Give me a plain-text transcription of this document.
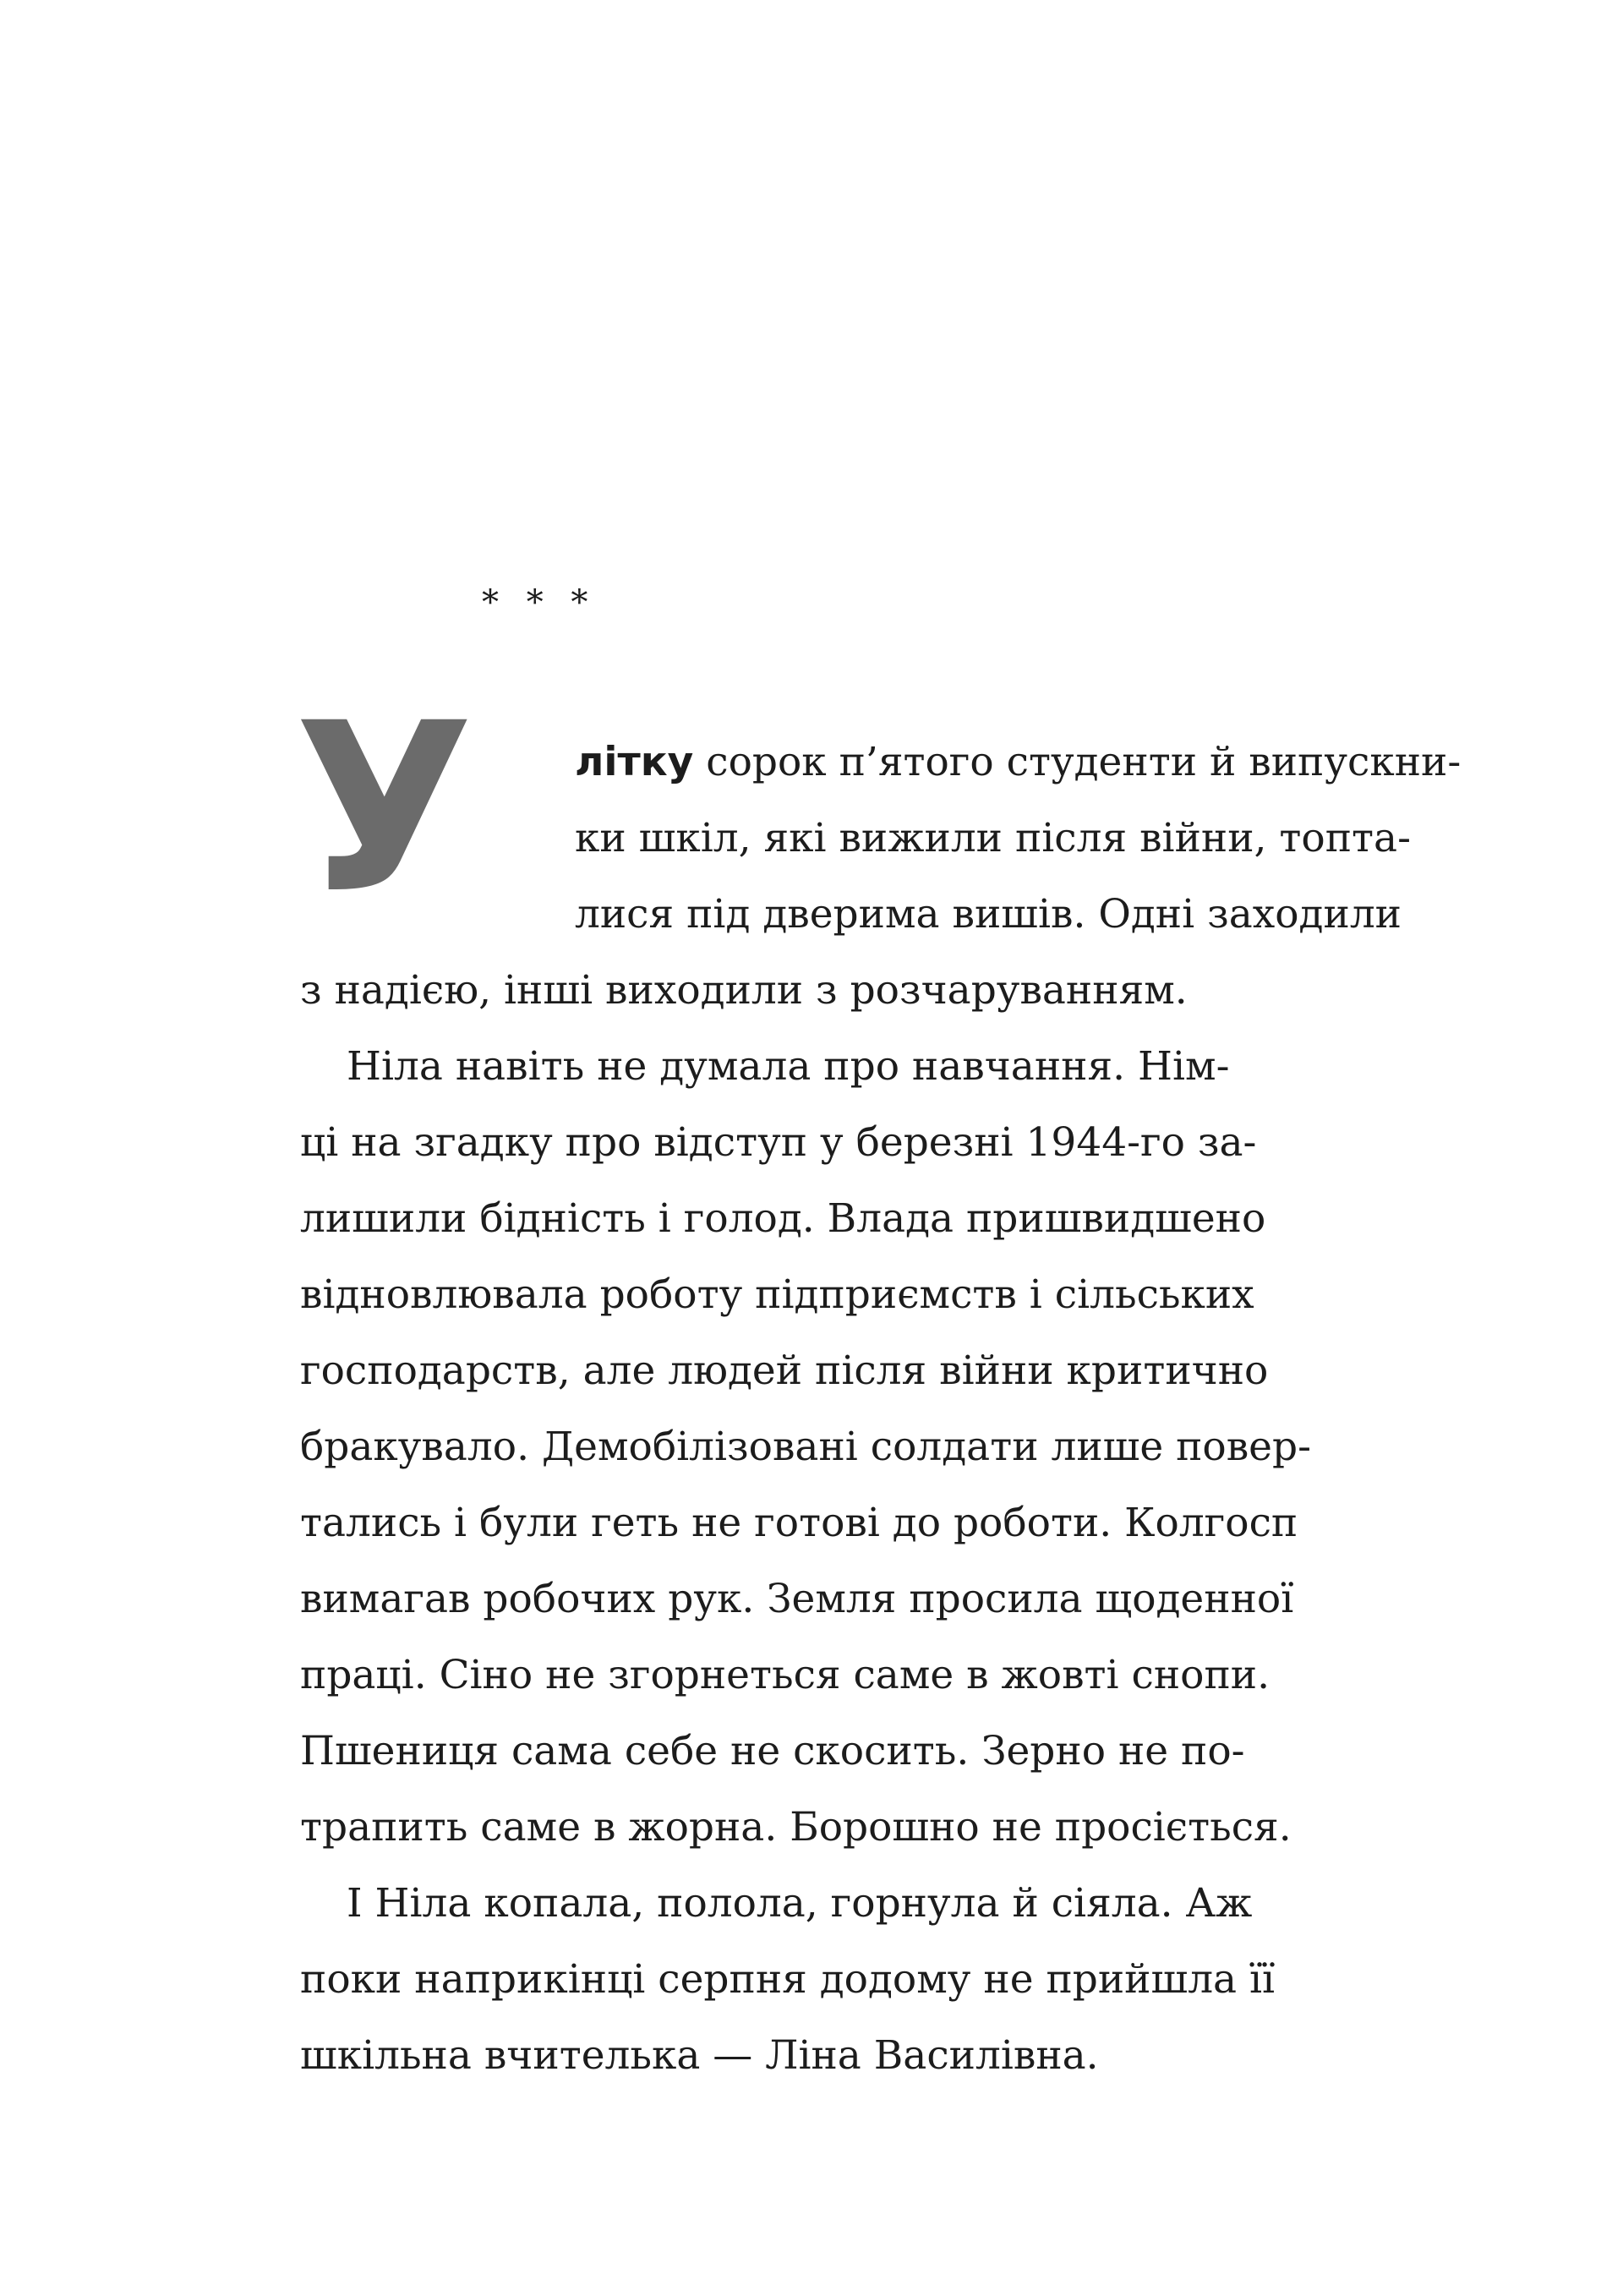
* * *
У	літку сорок п’ятого студенти й випускни-
ки шкіл, які вижили після війни, топта-
лися під дверима вишів. Одні заходили
з надією, інші виходили з розчаруванням.
Ніла навіть не думала про навчання. Нім-
ці на згадку про відступ у березні 1944-го за-
лишили бідність і голод. Влада пришвидшено
відновлювала роботу підприємств і сільських
господарств, але людей після війни критично
бракувало. Демобілізовані солдати лише повер-
тались і були геть не готові до роботи. Колгосп
вимагав робочих рук. Земля просила щоденної
праці. Сіно не згорнеться саме в жовті снопи.
Пшениця сама себе не скосить. Зерно не по-
трапить саме в жорна. Борошно не просіється.
І Ніла копала, полола, горнула й сіяла. Аж
поки наприкінці серпня додому не прийшла її
шкільна вчителька — Ліна Василівна.
